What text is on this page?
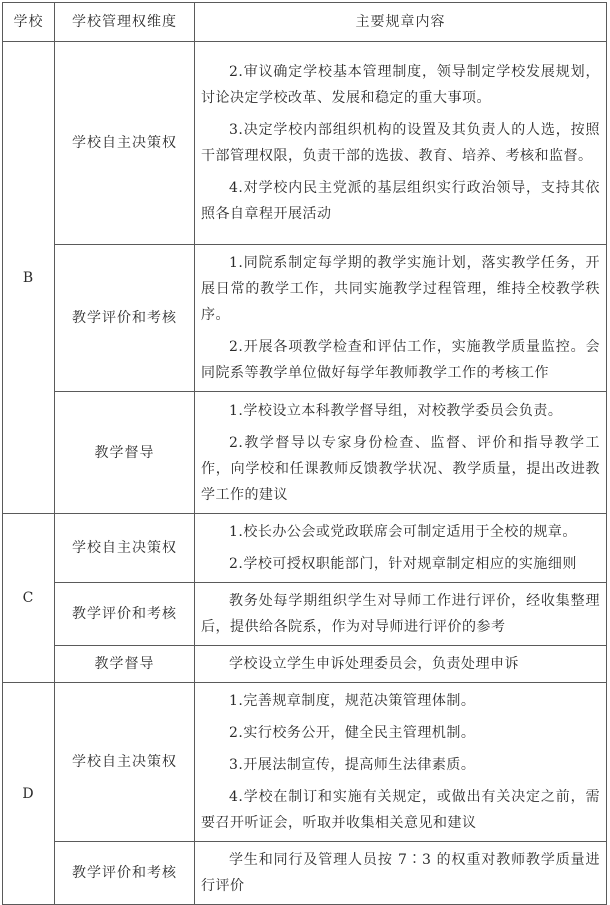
学校	学校管理权维度	主要规章内容
B	学校自主决策权	2.审议确定学校基本管理制度，领导制定学校发展规划，讨论决定学校改革、发展和稳定的重大事项。
3.决定学校内部组织机构的设置及其负责人的人选，按照干部管理权限，负责干部的选拔、教育、培养、考核和监督。
4.对学校内民主党派的基层组织实行政治领导，支持其依照各自章程开展活动

	教学评价和考核	1.同院系制定每学期的教学实施计划，落实教学任务，开展日常的教学工作，共同实施教学过程管理，维持全校教学秩序。
2.开展各项教学检查和评估工作，实施教学质量监控。会同院系等教学单位做好每学年教师教学工作的考核工作

	教学督导	1.学校设立本科教学督导组，对校教学委员会负责。
2.教学督导以专家身份检查、监督、评价和指导教学工作，向学校和任课教师反馈教学状况、教学质量，提出改进教学工作的建议

C	学校自主决策权	1.校长办公会或党政联席会可制定适用于全校的规章。
2.学校可授权职能部门，针对规章制定相应的实施细则

	教学评价和考核	教务处每学期组织学生对导师工作进行评价，经收集整理后，提供给各院系，作为对导师进行评价的参考

	教学督导	学校设立学生申诉处理委员会，负责处理申诉

D	学校自主决策权	1.完善规章制度，规范决策管理体制。
2.实行校务公开，健全民主管理机制。
3.开展法制宣传，提高师生法律素质。
4.学校在制订和实施有关规定，或做出有关决定之前，需要召开听证会，听取并收集相关意见和建议

	教学评价和考核	学生和同行及管理人员按 7∶3 的权重对教师教学质量进行评价
